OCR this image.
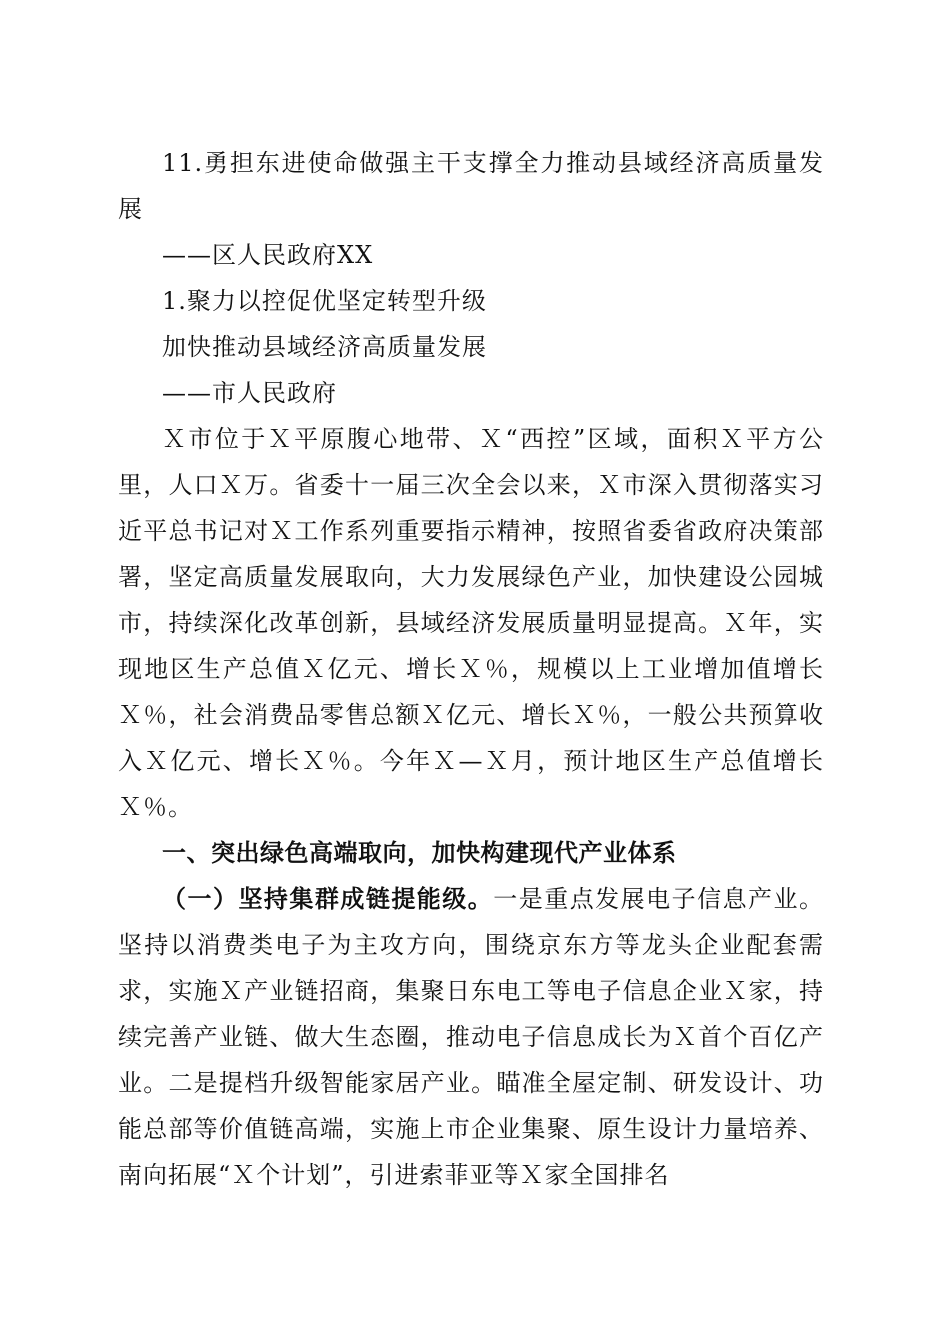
11.勇担东进使命做强主干支撑全力推动县域经济高质量发展

——区人民政府XX

1.聚力以控促优坚定转型升级

加快推动县域经济高质量发展

——市人民政府

Ｘ市位于Ｘ平原腹心地带、Ｘ“西控”区域，面积Ｘ平方公里，人口Ｘ万。省委十一届三次全会以来，Ｘ市深入贯彻落实习近平总书记对Ｘ工作系列重要指示精神，按照省委省政府决策部署，坚定高质量发展取向，大力发展绿色产业，加快建设公园城市，持续深化改革创新，县域经济发展质量明显提高。Ｘ年，实现地区生产总值Ｘ亿元、增长Ｘ％，规模以上工业增加值增长Ｘ％，社会消费品零售总额Ｘ亿元、增长Ｘ％，一般公共预算收入Ｘ亿元、增长Ｘ％。今年Ｘ—Ｘ月，预计地区生产总值增长Ｘ％。

一、突出绿色高端取向，加快构建现代产业体系

（一）坚持集群成链提能级。一是重点发展电子信息产业。坚持以消费类电子为主攻方向，围绕京东方等龙头企业配套需求，实施Ｘ产业链招商，集聚日东电工等电子信息企业Ｘ家，持续完善产业链、做大生态圈，推动电子信息成长为Ｘ首个百亿产业。二是提档升级智能家居产业。瞄准全屋定制、研发设计、功能总部等价值链高端，实施上市企业集聚、原生设计力量培养、南向拓展“Ｘ个计划”，引进索菲亚等Ｘ家全国排名
